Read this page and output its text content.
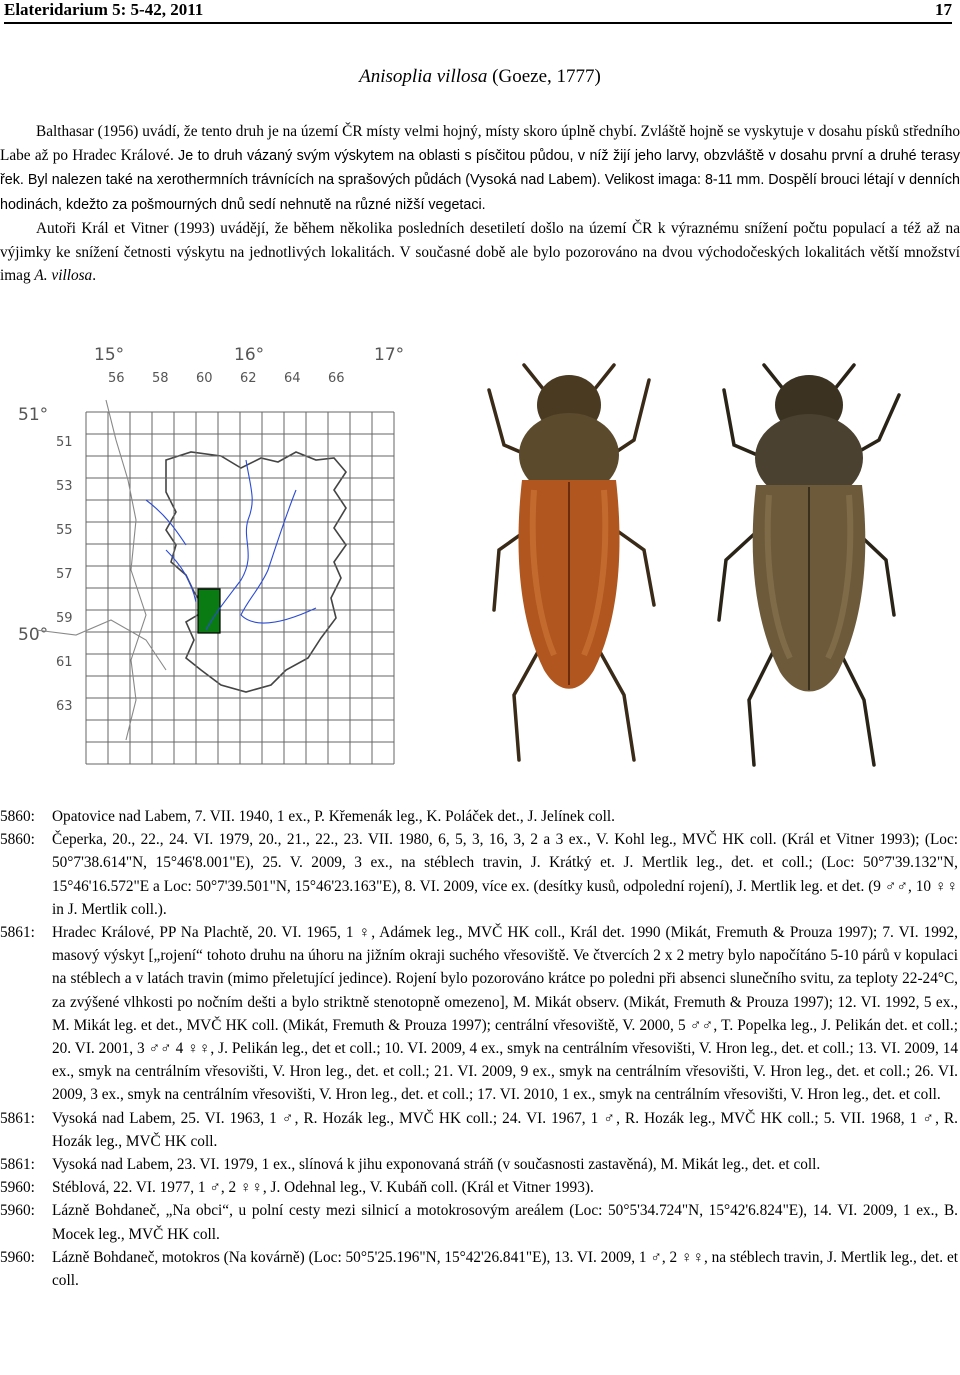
Elateridarium 5: 5-42, 2011	17
Anisoplia villosa (Goeze, 1777)

Balthasar (1956) uvádí, že tento druh je na území ČR místy velmi hojný, místy skoro úplně chybí. Zvláště hojně se vyskytuje v dosahu písků středního Labe až po Hradec Králové. Je to druh vázaný svým výskytem na oblasti s písčitou půdou, v níž žijí jeho larvy, obzvláště v dosahu první a druhé terasy řek. Byl nalezen také na xerothermních trávnících na sprašových půdách (Vysoká nad Labem). Velikost imaga: 8-11 mm. Dospělí brouci létají v denních hodinách, kdežto za pošmourných dnů sedí nehnutě na různé nižší vegetaci.

Autoři Král et Vitner (1993) uvádějí, že během několika posledních desetiletí došlo na území ČR k výraznému snížení počtu populací a též až na výjimky ke snížení četnosti výskytu na jednotlivých lokalitách. V současné době ale bylo pozorováno na dvou východočeských lokalitách větší množství imag A. villosa.

15°	16°	17°
56 58 60 62 64 66
51
53
55
57
59
61
63
51°
50°
5860:	Opatovice nad Labem, 7. VII. 1940, 1 ex., P. Křemenák leg., K. Poláček det., J. Jelínek coll.
5860:	Čeperka, 20., 22., 24. VI. 1979, 20., 21., 22., 23. VII. 1980, 6, 5, 3, 16, 3, 2 a 3 ex., V. Kohl leg., MVČ HK coll. (Král et Vitner 1993); (Loc: 50°7'38.614"N, 15°46'8.001"E), 25. V. 2009, 3 ex., na stéblech travin, J. Krátký et. J. Mertlik leg., det. et coll.; (Loc: 50°7'39.132"N, 15°46'16.572"E a Loc: 50°7'39.501"N, 15°46'23.163"E), 8. VI. 2009, více ex. (desítky kusů, odpolední rojení), J. Mertlik leg. et det. (9 ♂♂, 10 ♀♀ in J. Mertlik coll.).
5861:	Hradec Králové, PP Na Plachtě, 20. VI. 1965, 1 ♀, Adámek leg., MVČ HK coll., Král det. 1990 (Mikát, Fremuth & Prouza 1997); 7. VI. 1992, masový výskyt [„rojení“ tohoto druhu na úhoru na jižním okraji suchého vřesoviště. Ve čtvercích 2 x 2 metry bylo napočítáno 5-10 párů v kopulaci na stéblech a v latách travin (mimo přeletující jedince). Rojení bylo pozorováno krátce po poledni při absenci slunečního svitu, za teploty 22-24°C, za zvýšené vlhkosti po nočním dešti a bylo striktně stenotopně omezeno], M. Mikát observ. (Mikát, Fremuth & Prouza 1997); 12. VI. 1992, 5 ex., M. Mikát leg. et det., MVČ HK coll. (Mikát, Fremuth & Prouza 1997); centrální vřesoviště, V. 2000, 5 ♂♂, T. Popelka leg., J. Pelikán det. et coll.; 20. VI. 2001, 3 ♂♂ 4 ♀♀, J. Pelikán leg., det et coll.; 10. VI. 2009, 4 ex., smyk na centrálním vřesovišti, V. Hron leg., det. et coll.; 13. VI. 2009, 14 ex., smyk na centrálním vřesovišti, V. Hron leg., det. et coll.; 21. VI. 2009, 9 ex., smyk na centrálním vřesovišti, V. Hron leg., det. et coll.; 26. VI. 2009, 3 ex., smyk na centrálním vřesovišti, V. Hron leg., det. et coll.; 17. VI. 2010, 1 ex., smyk na centrálním vřesovišti, V. Hron leg., det. et coll.
5861:	Vysoká nad Labem, 25. VI. 1963, 1 ♂, R. Hozák leg., MVČ HK coll.; 24. VI. 1967, 1 ♂, R. Hozák leg., MVČ HK coll.; 5. VII. 1968, 1 ♂, R. Hozák leg., MVČ HK coll.
5861:	Vysoká nad Labem, 23. VI. 1979, 1 ex., slínová k jihu exponovaná stráň (v současnosti zastavěná), M. Mikát leg., det. et coll.
5960:	Stéblová, 22. VI. 1977, 1 ♂, 2 ♀♀, J. Odehnal leg., V. Kubáň coll. (Král et Vitner 1993).
5960:	Lázně Bohdaneč, „Na obci“, u polní cesty mezi silnicí a motokrosovým areálem (Loc: 50°5'34.724"N, 15°42'6.824"E), 14. VI. 2009, 1 ex., B. Mocek leg., MVČ HK coll.
5960:	Lázně Bohdaneč, motokros (Na kovárně) (Loc: 50°5'25.196"N, 15°42'26.841"E), 13. VI. 2009, 1 ♂, 2 ♀♀, na stéblech travin, J. Mertlik leg., det. et coll.
